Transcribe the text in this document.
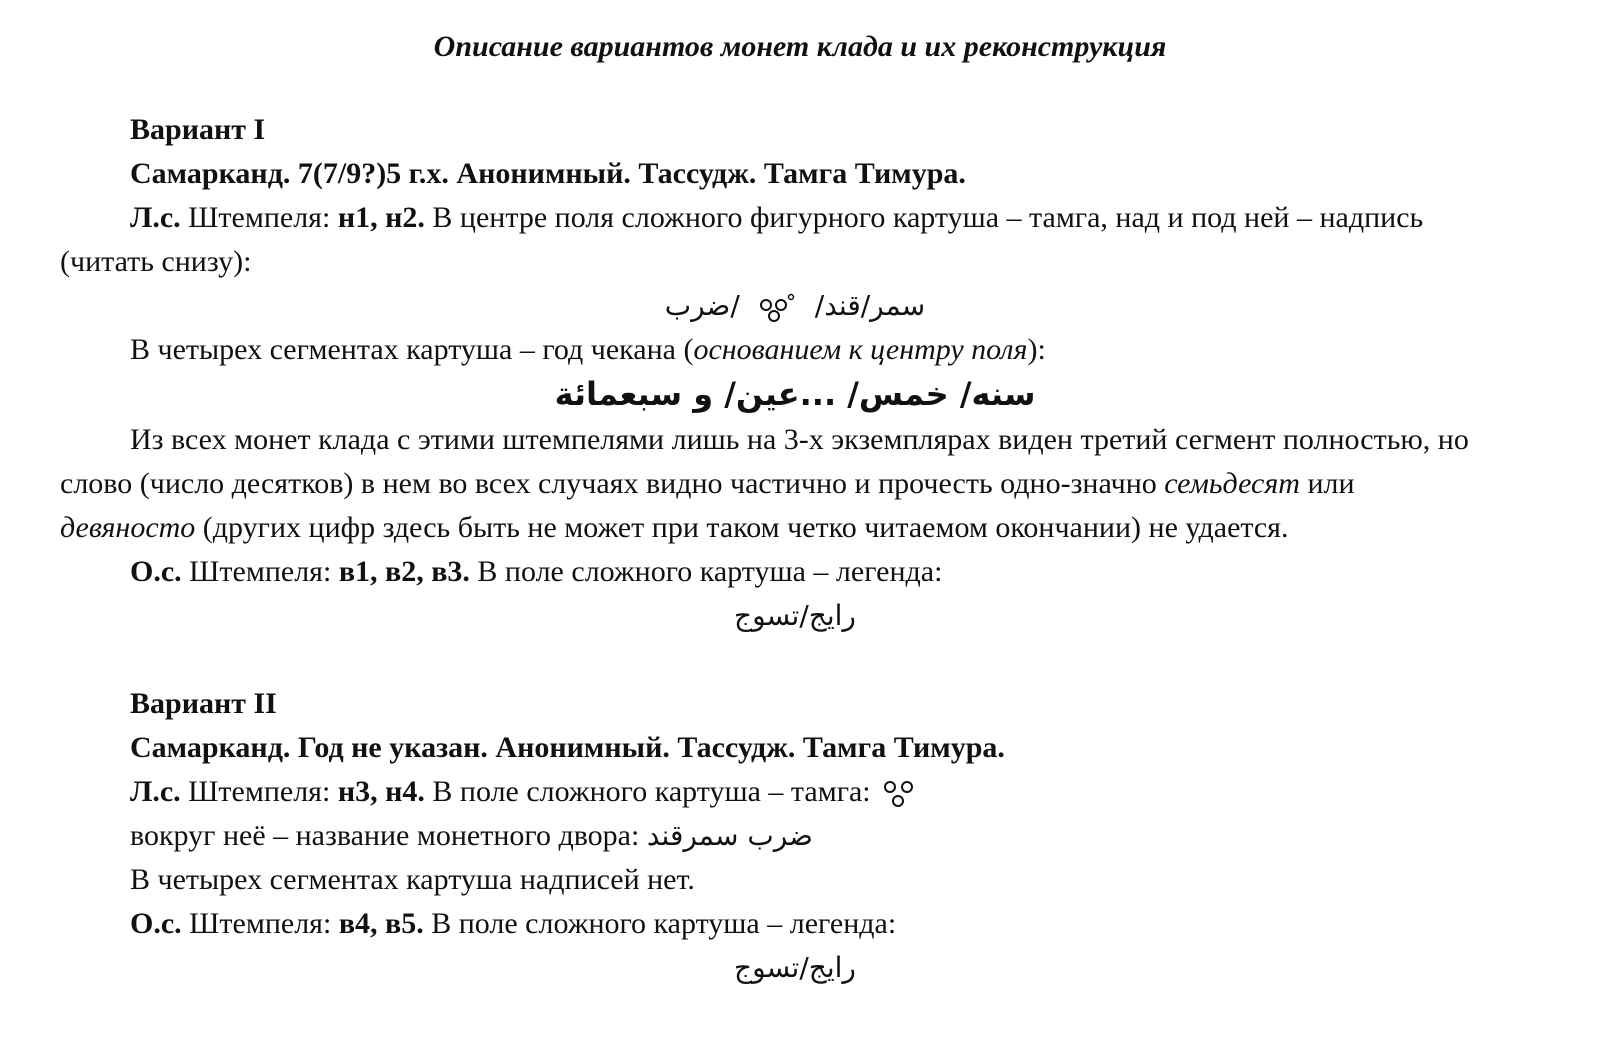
Описание вариантов монет клада и их реконструкция

Вариант I

Самарканд. 7(7/9?)5 г.х. Анонимный. Тассудж. Тамга Тимура.

Л.с. Штемпеля: н1, н2. В центре поля сложного фигурного картуша – тамга, над и под ней – надпись (читать снизу):

/ضرب	سمر/قند/

В четырех сегментах картуша – год чекана (основанием к центру поля):

سنه/ خمس/ ...عين/ و سبعمائة

Из всех монет клада с этими штемпелями лишь на 3-х экземплярах виден третий сегмент полностью, но слово (число десятков) в нем во всех случаях видно частично и прочесть одно-значно семьдесят или девяносто (других цифр здесь быть не может при таком четко читаемом окончании) не удается.

О.с. Штемпеля: в1, в2, в3. В поле сложного картуша – легенда:

رايج/تسوج

Вариант II

Самарканд. Год не указан. Анонимный. Тассудж. Тамга Тимура.

Л.с. Штемпеля: н3, н4. В поле сложного картуша – тамга:

вокруг неё – название монетного двора: ضرب سمرقند

В четырех сегментах картуша надписей нет.

О.с. Штемпеля: в4, в5. В поле сложного картуша – легенда:

رايج/تسوج
